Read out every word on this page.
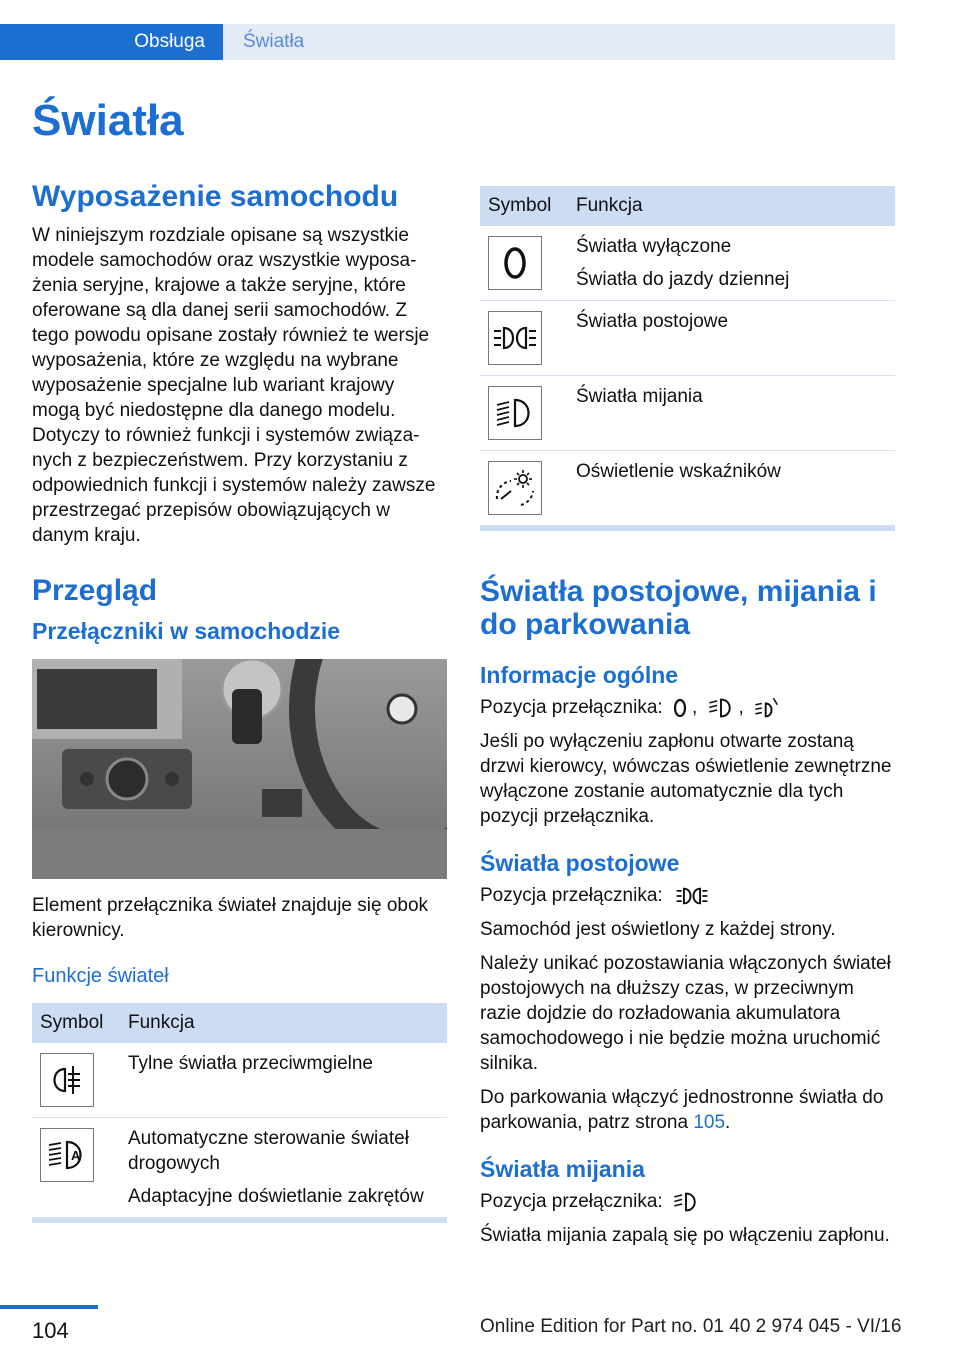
Obsługa	Światła
Światła
Wyposażenie samochodu

W niniejszym rozdziale opisane są wszystkie modele samochodów oraz wszystkie wyposażenia seryjne, krajowe a także seryjne, które oferowane są dla danej serii samochodów. Z tego powodu opisane zostały również te wersje wyposażenia, które ze względu na wybrane wyposażenie specjalne lub wariant krajowy mogą być niedostępne dla danego modelu. Dotyczy to również funkcji i systemów związanych z bezpieczeństwem. Przy korzystaniu z odpowiednich funkcji i systemów należy zawsze przestrzegać przepisów obowiązujących w danym kraju.

Przegląd
Przełączniki w samochodzie

Element przełącznika świateł znajduje się obok kierownicy.

Funkcje świateł
Symbol	Funkcja

Tylne światła przeciwmgielne

A	Automatyczne sterowanie świateł drogowych
Adaptacyjne doświetlanie zakrętów
Symbol	Funkcja

Światła wyłączone
Światła do jazdy dziennej

Światła postojowe

Światła mijania

Oświetlenie wskaźników
Światła postojowe, mijania i do parkowania
Informacje ogólne

Pozycja przełącznika: , ,

Jeśli po wyłączeniu zapłonu otwarte zostaną drzwi kierowcy, wówczas oświetlenie zewnętrzne wyłączone zostanie automatycznie dla tych pozycji przełącznika.

Światła postojowe

Pozycja przełącznika:

Samochód jest oświetlony z każdej strony.

Należy unikać pozostawiania włączonych świateł postojowych na dłuższy czas, w przeciwnym razie dojdzie do rozładowania akumulatora samochodowego i nie będzie można uruchomić silnika.

Do parkowania włączyć jednostronne światła do parkowania, patrz strona 105.

Światła mijania

Pozycja przełącznika:

Światła mijania zapalą się po włączeniu zapłonu.

104	Online Edition for Part no. 01 40 2 974 045 - VI/16
